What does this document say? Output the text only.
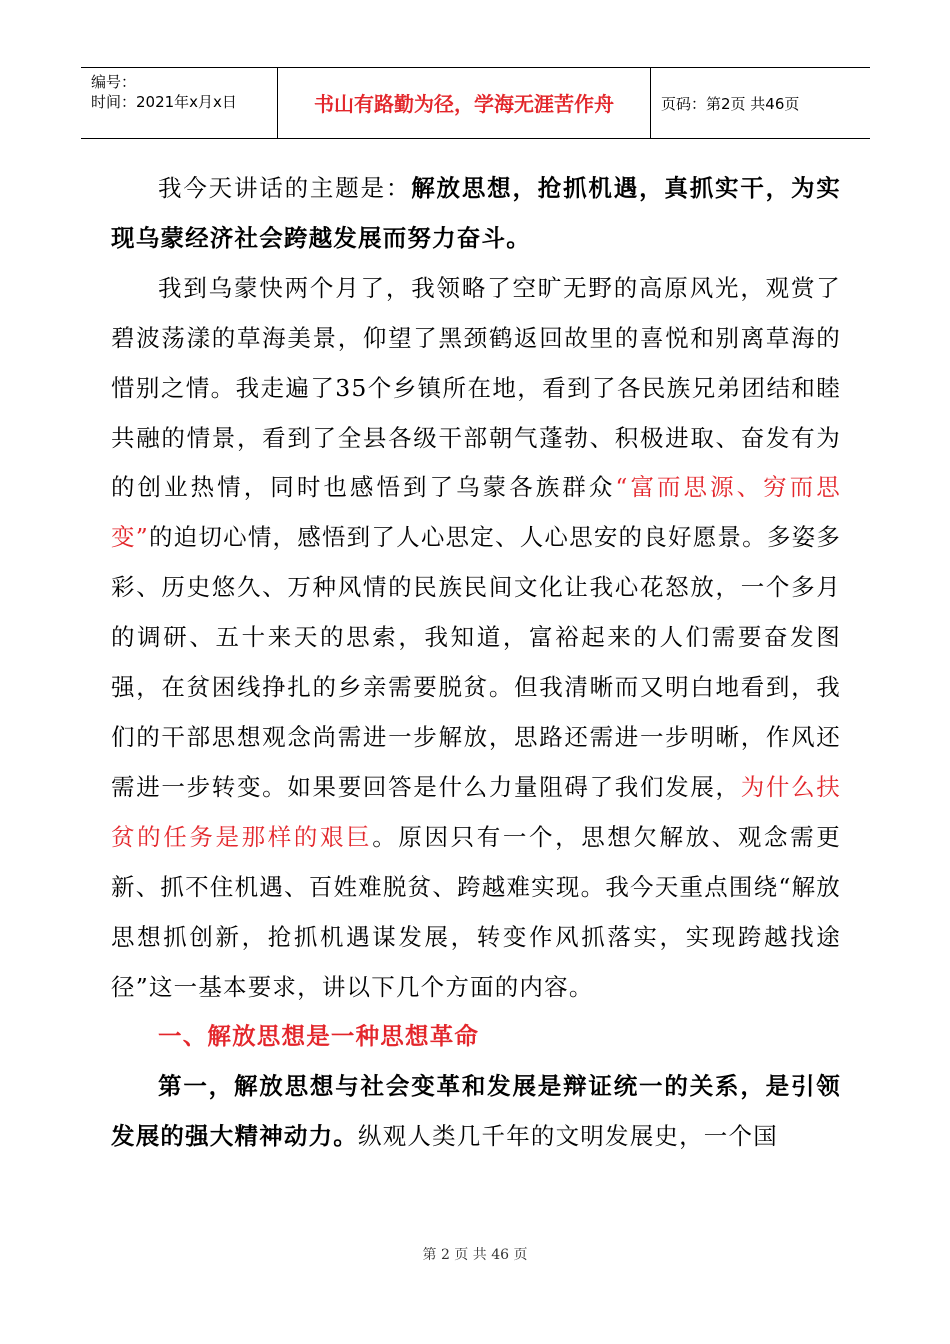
编号：
时间：2021年x月x日	书山有路勤为径，学海无涯苦作舟	页码：第2页 共46页

我今天讲话的主题是：解放思想，抢抓机遇，真抓实干，为实现乌蒙经济社会跨越发展而努力奋斗。

我到乌蒙快两个月了，我领略了空旷无野的高原风光，观赏了碧波荡漾的草海美景，仰望了黑颈鹤返回故里的喜悦和别离草海的惜别之情。我走遍了35个乡镇所在地，看到了各民族兄弟团结和睦共融的情景，看到了全县各级干部朝气蓬勃、积极进取、奋发有为的创业热情，同时也感悟到了乌蒙各族群众“富而思源、穷而思变”的迫切心情，感悟到了人心思定、人心思安的良好愿景。多姿多彩、历史悠久、万种风情的民族民间文化让我心花怒放，一个多月的调研、五十来天的思索，我知道，富裕起来的人们需要奋发图强，在贫困线挣扎的乡亲需要脱贫。但我清晰而又明白地看到，我们的干部思想观念尚需进一步解放，思路还需进一步明晰，作风还需进一步转变。如果要回答是什么力量阻碍了我们发展，为什么扶贫的任务是那样的艰巨。原因只有一个，思想欠解放、观念需更新、抓不住机遇、百姓难脱贫、跨越难实现。我今天重点围绕“解放思想抓创新，抢抓机遇谋发展，转变作风抓落实，实现跨越找途径”这一基本要求，讲以下几个方面的内容。

一、解放思想是一种思想革命

第一，解放思想与社会变革和发展是辩证统一的关系，是引领发展的强大精神动力。纵观人类几千年的文明发展史，一个国

第 2 页 共 46 页
